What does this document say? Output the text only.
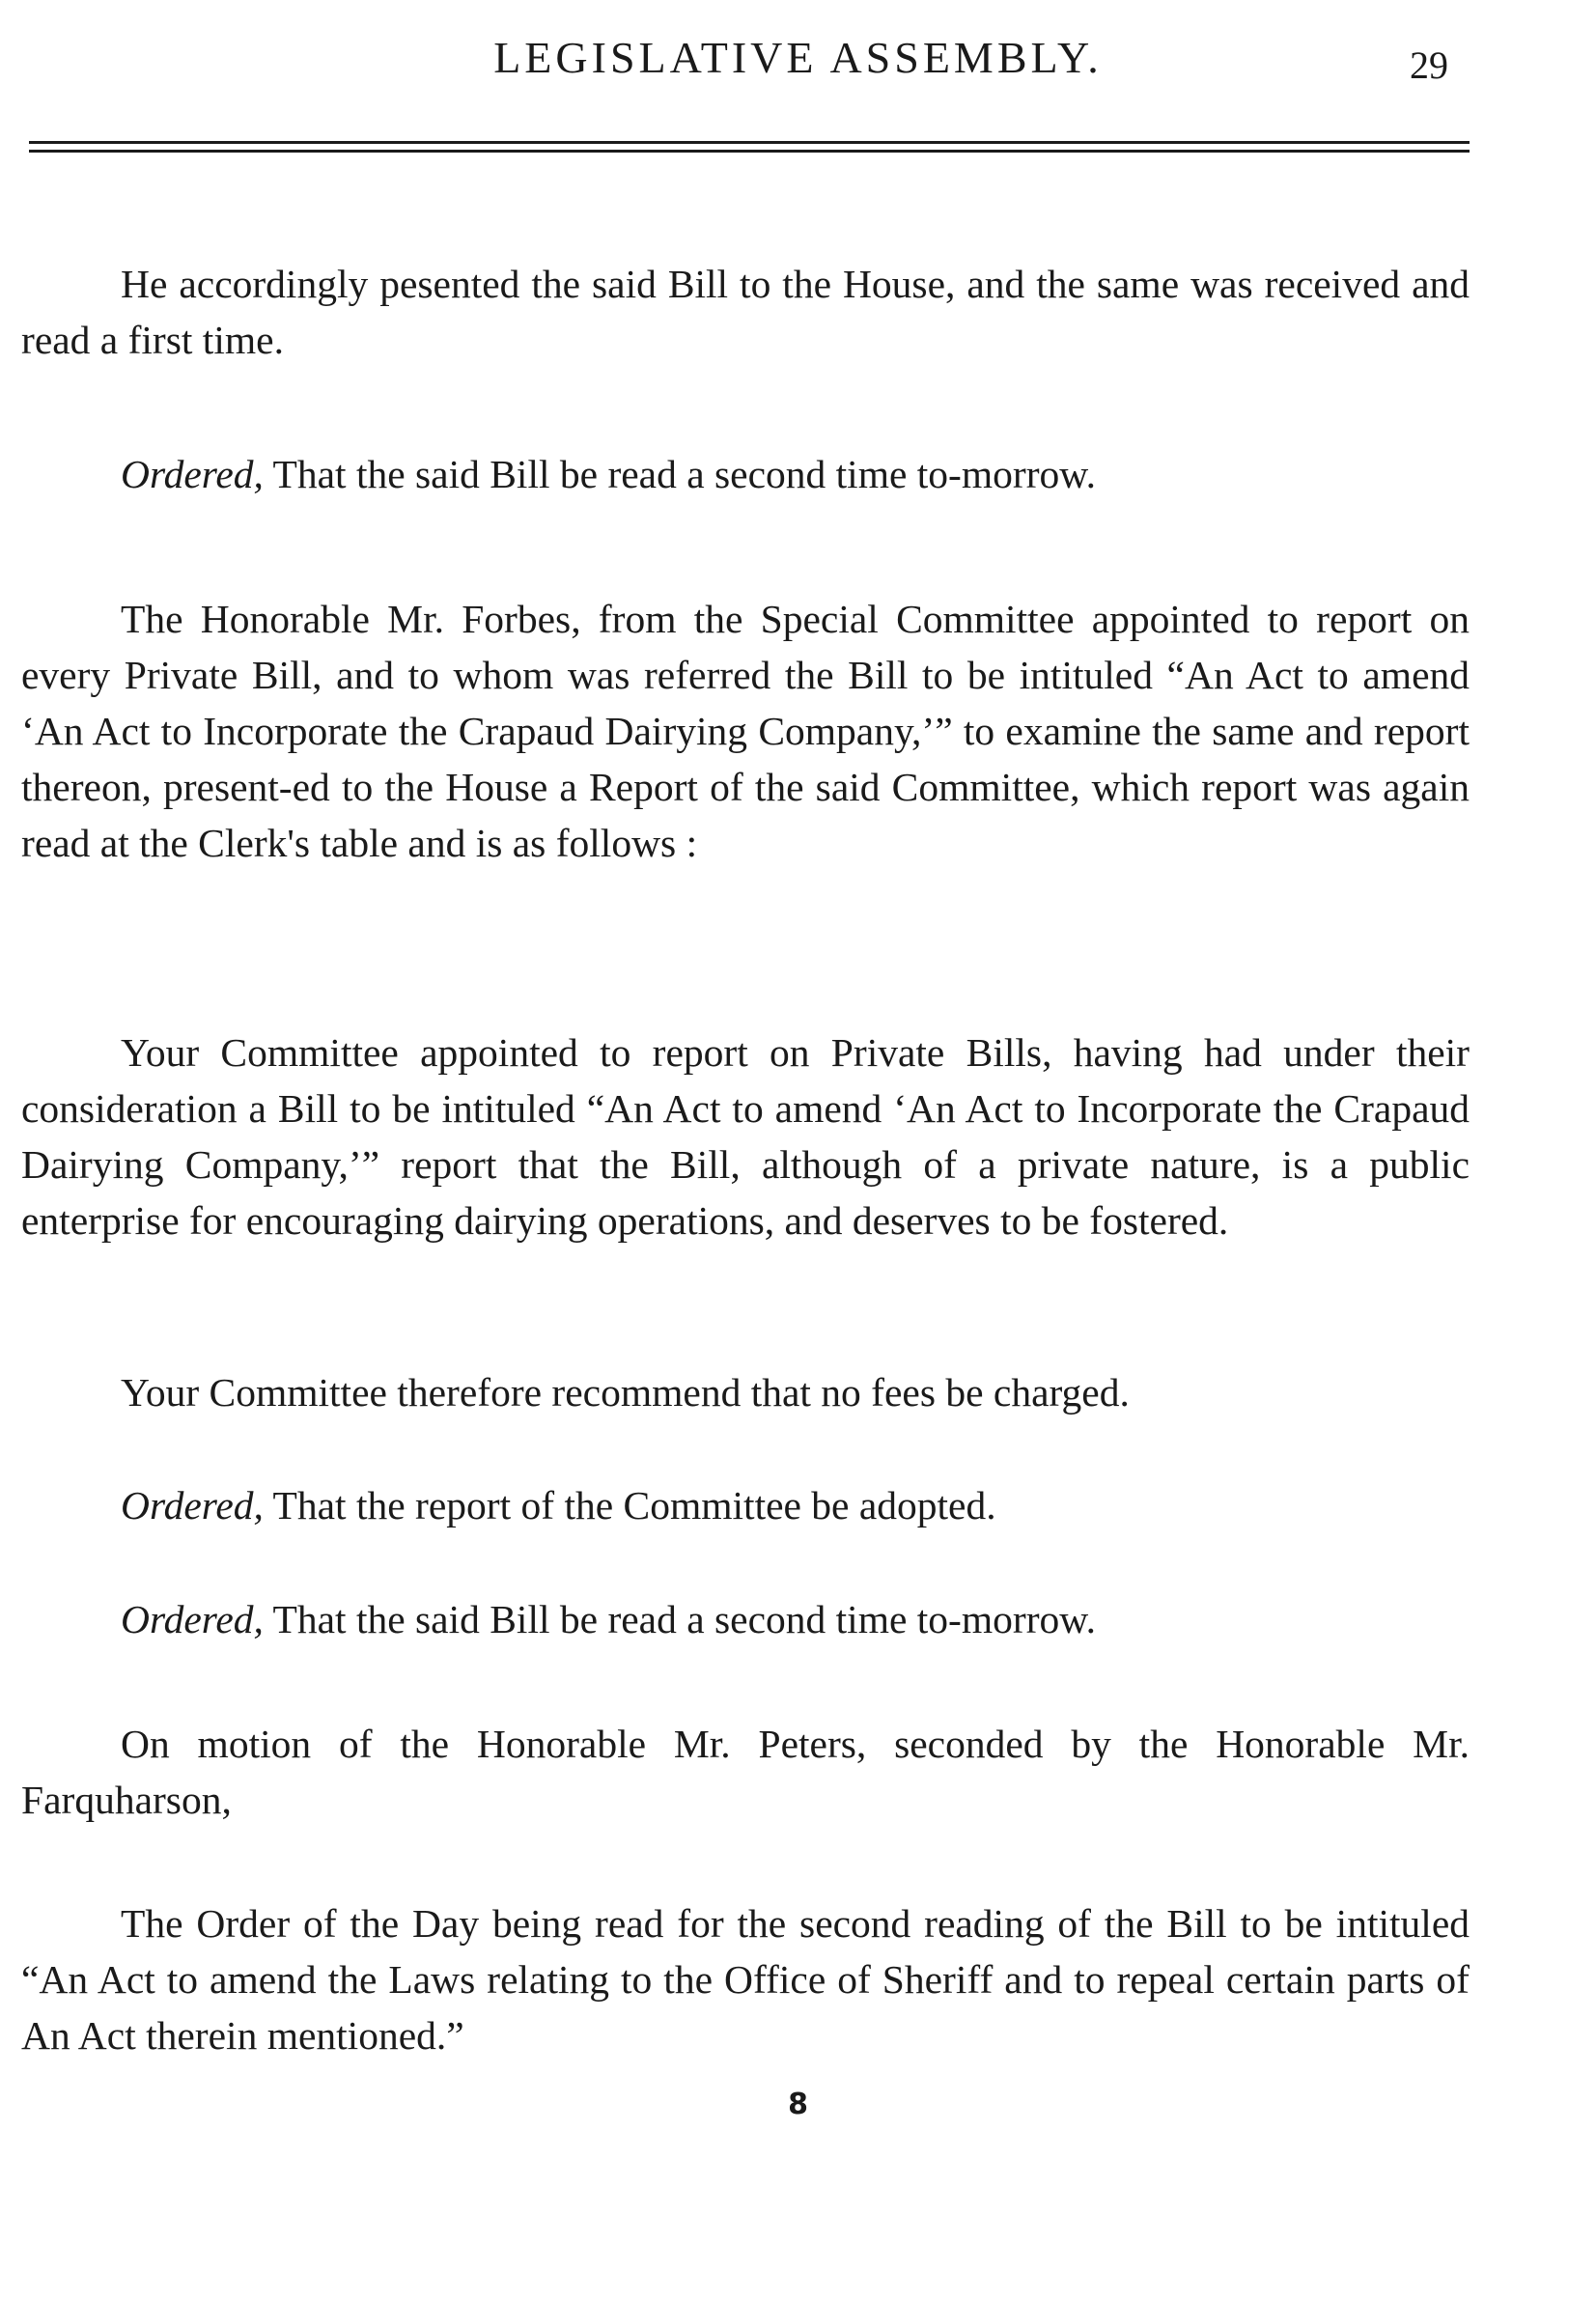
LEGISLATIVE ASSEMBLY.	29

He accordingly pesented the said Bill to the House, and the same was received and read a first time.

Ordered, That the said Bill be read a second time to-morrow.

The Honorable Mr. Forbes, from the Special Committee appointed to report on every Private Bill, and to whom was referred the Bill to be intituled “An Act to amend ‘An Act to Incorporate the Crapaud Dairying Company,’” to examine the same and report thereon, present-ed to the House a Report of the said Committee, which report was again read at the Clerk's table and is as follows :

Your Committee appointed to report on Private Bills, having had under their consideration a Bill to be intituled “An Act to amend ‘An Act to Incorporate the Crapaud Dairying Company,’” report that the Bill, although of a private nature, is a public enterprise for encouraging dairying operations, and deserves to be fostered.

Your Committee therefore recommend that no fees be charged.

Ordered, That the report of the Committee be adopted.

Ordered, That the said Bill be read a second time to-morrow.

On motion of the Honorable Mr. Peters, seconded by the Honorable Mr. Farquharson,

The Order of the Day being read for the second reading of the Bill to be intituled “An Act to amend the Laws relating to the Office of Sheriff and to repeal certain parts of An Act therein mentioned.”

8
